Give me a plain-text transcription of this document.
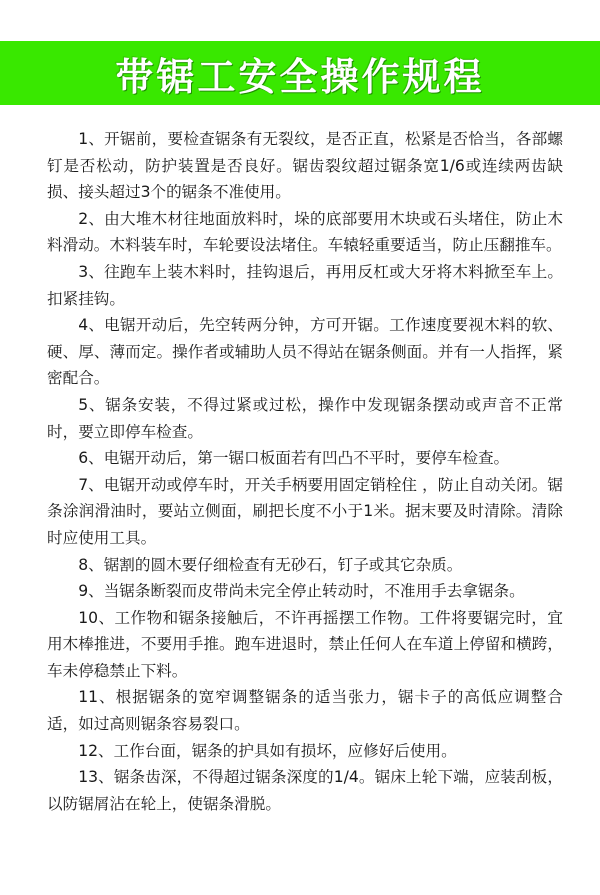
带锯工安全操作规程
1、开锯前，要检查锯条有无裂纹，是否正直，松紧是否恰当，各部螺钉是否松动，防护装置是否良好。锯齿裂纹超过锯条宽1/6或连续两齿缺损、接头超过3个的锯条不准使用。
2、由大堆木材往地面放料时，垛的底部要用木块或石头堵住，防止木料滑动。木料装车时，车轮要设法堵住。车辕轻重要适当，防止压翻推车。
3、往跑车上装木料时，挂钩退后，再用反杠或大牙将木料掀至车上。扣紧挂钩。
4、电锯开动后，先空转两分钟，方可开锯。工作速度要视木料的软、硬、厚、薄而定。操作者或辅助人员不得站在锯条侧面。并有一人指挥，紧密配合。
5、锯条安装，不得过紧或过松，操作中发现锯条摆动或声音不正常时，要立即停车检查。
6、电锯开动后，第一锯口板面若有凹凸不平时，要停车检查。
7、电锯开动或停车时，开关手柄要用固定销栓住 ，防止自动关闭。锯条涂润滑油时，要站立侧面，刷把长度不小于1米。据末要及时清除。清除时应使用工具。
8、锯割的圆木要仔细检查有无砂石，钉子或其它杂质。
9、当锯条断裂而皮带尚未完全停止转动时，不准用手去拿锯条。
10、工作物和锯条接触后，不许再摇摆工作物。工件将要锯完时，宜用木棒推进，不要用手推。跑车进退时，禁止任何人在车道上停留和横跨，车未停稳禁止下料。
11、根据锯条的宽窄调整锯条的适当张力，锯卡子的高低应调整合适，如过高则锯条容易裂口。
12、工作台面，锯条的护具如有损坏，应修好后使用。
13、锯条齿深，不得超过锯条深度的1/4。锯床上轮下端，应装刮板，以防锯屑沾在轮上，使锯条滑脱。
